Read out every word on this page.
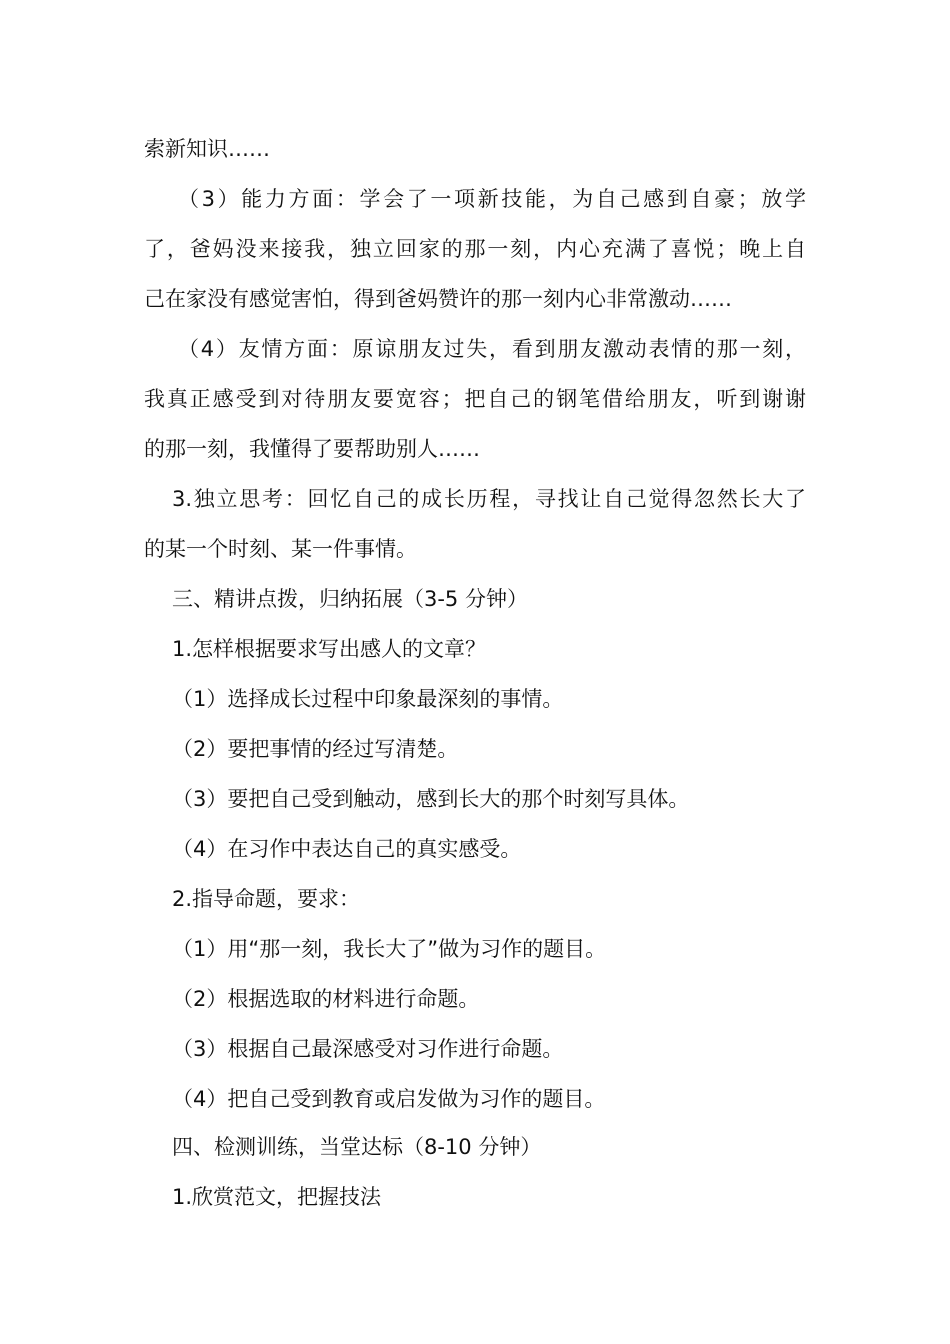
索新知识……
（3）能力方面：学会了一项新技能，为自己感到自豪；放学
了，爸妈没来接我，独立回家的那一刻，内心充满了喜悦；晚上自
己在家没有感觉害怕，得到爸妈赞许的那一刻内心非常激动……
（4）友情方面：原谅朋友过失，看到朋友激动表情的那一刻，
我真正感受到对待朋友要宽容；把自己的钢笔借给朋友，听到谢谢
的那一刻，我懂得了要帮助别人……
3.独立思考：回忆自己的成长历程，寻找让自己觉得忽然长大了
的某一个时刻、某一件事情。
三、精讲点拨，归纳拓展（3-5 分钟）
1.怎样根据要求写出感人的文章？
（1）选择成长过程中印象最深刻的事情。
（2）要把事情的经过写清楚。
（3）要把自己受到触动，感到长大的那个时刻写具体。
（4）在习作中表达自己的真实感受。
2.指导命题，要求：
（1）用“那一刻，我长大了”做为习作的题目。
（2）根据选取的材料进行命题。
（3）根据自己最深感受对习作进行命题。
（4）把自己受到教育或启发做为习作的题目。
四、检测训练，当堂达标（8-10 分钟）
1.欣赏范文，把握技法
